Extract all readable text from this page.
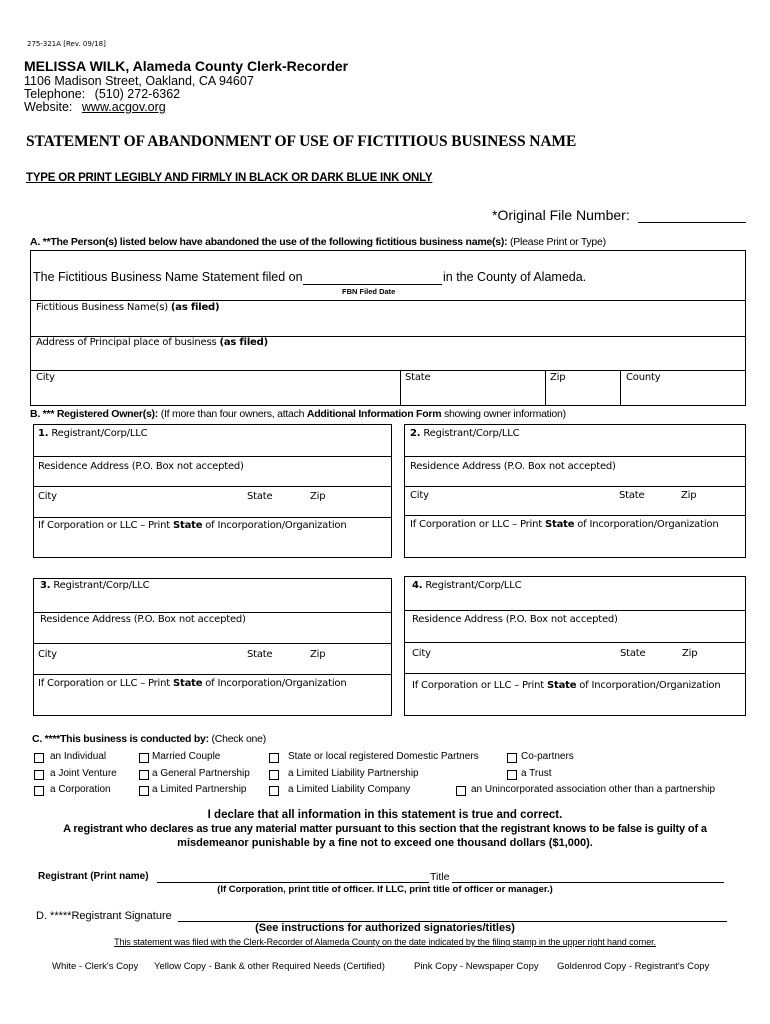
275-321A [Rev. 09/18]
MELISSA WILK, Alameda County Clerk-Recorder
1106 Madison Street, Oakland, CA 94607
Telephone: (510) 272-6362
Website: www.acgov.org
STATEMENT OF ABANDONMENT OF USE OF FICTITIOUS BUSINESS NAME
TYPE OR PRINT LEGIBLY AND FIRMLY IN BLACK OR DARK BLUE INK ONLY
*Original File Number:
A. **The Person(s) listed below have abandoned the use of the following fictitious business name(s): (Please Print or Type)
The Fictitious Business Name Statement filed on	in the County of Alameda.
FBN Filed Date
Fictitious Business Name(s) (as filed)
Address of Principal place of business (as filed)
City	State	Zip	County
B. *** Registered Owner(s): (If more than four owners, attach Additional Information Form showing owner information)
1. Registrant/Corp/LLC
Residence Address (P.O. Box not accepted)
City	State	Zip
If Corporation or LLC – Print State of Incorporation/Organization
2. Registrant/Corp/LLC
Residence Address (P.O. Box not accepted)
City	State	Zip
If Corporation or LLC – Print State of Incorporation/Organization
3. Registrant/Corp/LLC
Residence Address (P.O. Box not accepted)
City	State	Zip
If Corporation or LLC – Print State of Incorporation/Organization
4. Registrant/Corp/LLC
Residence Address (P.O. Box not accepted)
City	State	Zip
If Corporation or LLC – Print State of Incorporation/Organization
C. ****This business is conducted by: (Check one)
an Individual	Married Couple	State or local registered Domestic Partners	Co-partners
a Joint Venture	a General Partnership	a Limited Liability Partnership	a Trust
a Corporation	a Limited Partnership	a Limited Liability Company	an Unincorporated association other than a partnership
I declare that all information in this statement is true and correct.
A registrant who declares as true any material matter pursuant to this section that the registrant knows to be false is guilty of a
misdemeanor punishable by a fine not to exceed one thousand dollars ($1,000).
Registrant (Print name)	Title
(If Corporation, print title of officer. If LLC, print title of officer or manager.)
D. *****Registrant Signature
(See instructions for authorized signatories/titles)
This statement was filed with the Clerk-Recorder of Alameda County on the date indicated by the filing stamp in the upper right hand corner.
White - Clerk's Copy Yellow Copy - Bank & other Required Needs (Certified)	Pink Copy - Newspaper Copy Goldenrod Copy - Registrant's Copy
